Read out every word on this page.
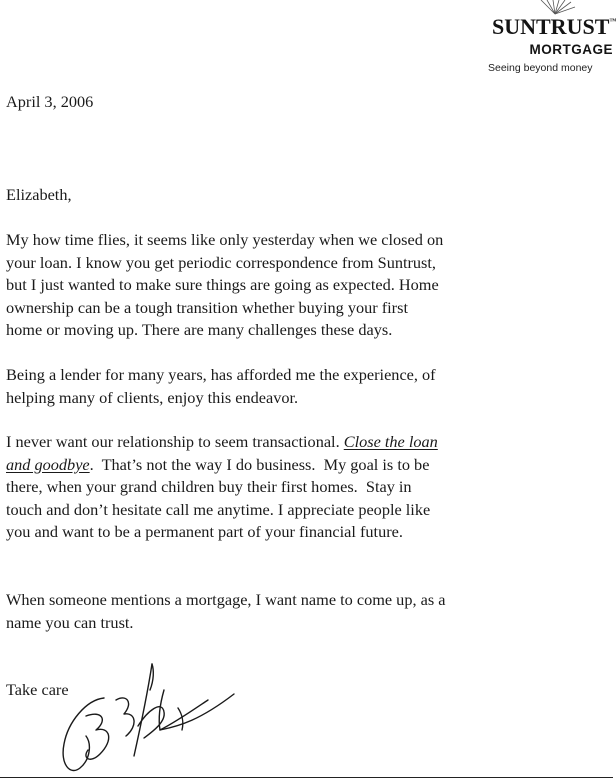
SUNTRUST™
MORTGAGE
Seeing beyond money
April 3, 2006
Elizabeth,
My how time flies, it seems like only yesterday when we closed on
your loan. I know you get periodic correspondence from Suntrust,
but I just wanted to make sure things are going as expected. Home
ownership can be a tough transition whether buying your first
home or moving up. There are many challenges these days.
Being a lender for many years, has afforded me the experience, of
helping many of clients, enjoy this endeavor.
I never want our relationship to seem transactional. Close the loan
and goodbye.  That’s not the way I do business.  My goal is to be
there, when your grand children buy their first homes.  Stay in
touch and don’t hesitate call me anytime. I appreciate people like
you and want to be a permanent part of your financial future.
When someone mentions a mortgage, I want name to come up, as a
name you can trust.
Take care
